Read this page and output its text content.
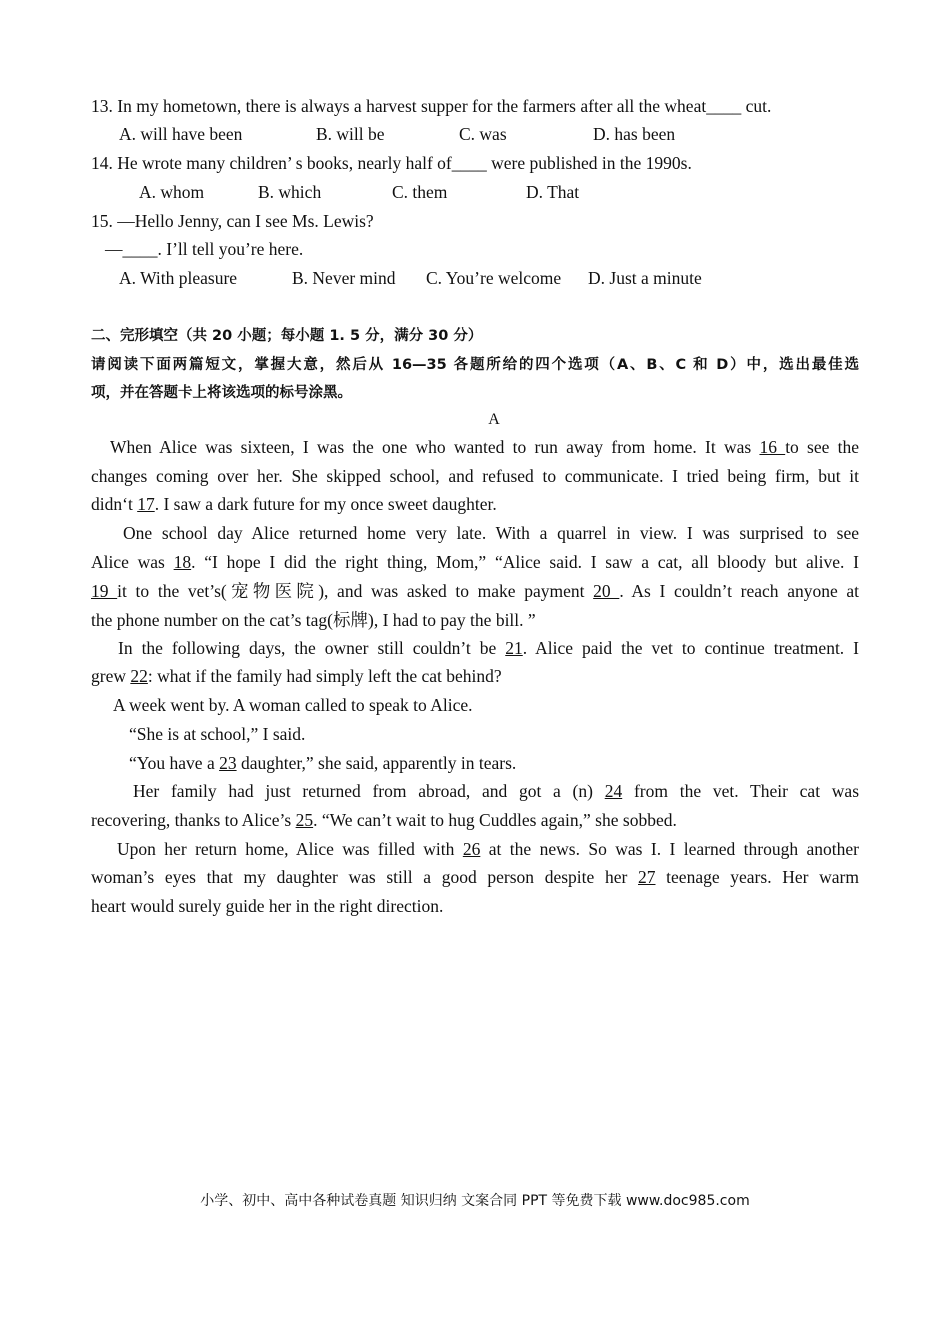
13. In my hometown, there is always a harvest supper for the farmers after all the wheat____ cut.
A. will have been	B. will be	C. was	D. has been
14. He wrote many children’ s books, nearly half of____ were published in the 1990s.
A. whom	B. which	C. them	D. That
15. —Hello Jenny, can I see Ms. Lewis?
—____. I’ll tell you’re here.
A. With pleasure	B. Never mind C. You’re welcome D. Just a minute
二、完形填空（共 20 小题；每小题 1. 5 分，满分 30 分）
请阅读下面两篇短文，掌握大意，然后从 16—35 各题所给的四个选项（A、B、C 和 D）中，选出最佳选
项，并在答题卡上将该选项的标号涂黑。
A
When Alice was sixteen, I was the one who wanted to run away from home. It was 16 to see the
changes coming over her. She skipped school, and refused to communicate. I tried being firm, but it
didn‘t 17. I saw a dark future for my once sweet daughter.
One school day Alice returned home very late. With a quarrel in view. I was surprised to see
Alice was 18. “I hope I did the right thing, Mom,” “Alice said. I saw a cat, all bloody but alive. I
19 it to the vet’s(宠物医院), and was asked to make payment 20 . As I couldn’t reach anyone at
the phone number on the cat’s tag(标牌), I had to pay the bill. ”
In the following days, the owner still couldn’t be 21. Alice paid the vet to continue treatment. I
grew 22: what if the family had simply left the cat behind?
A week went by. A woman called to speak to Alice.
“She is at school,” I said.
“You have a 23 daughter,” she said, apparently in tears.
Her family had just returned from abroad, and got a (n) 24 from the vet. Their cat was
recovering, thanks to Alice’s 25. “We can’t wait to hug Cuddles again,” she sobbed.
Upon her return home, Alice was filled with 26 at the news. So was I. I learned through another
woman’s eyes that my daughter was still a good person despite her 27 teenage years. Her warm
heart would surely guide her in the right direction.
小学、初中、高中各种试卷真题 知识归纳 文案合同 PPT 等免费下载 www.doc985.com
